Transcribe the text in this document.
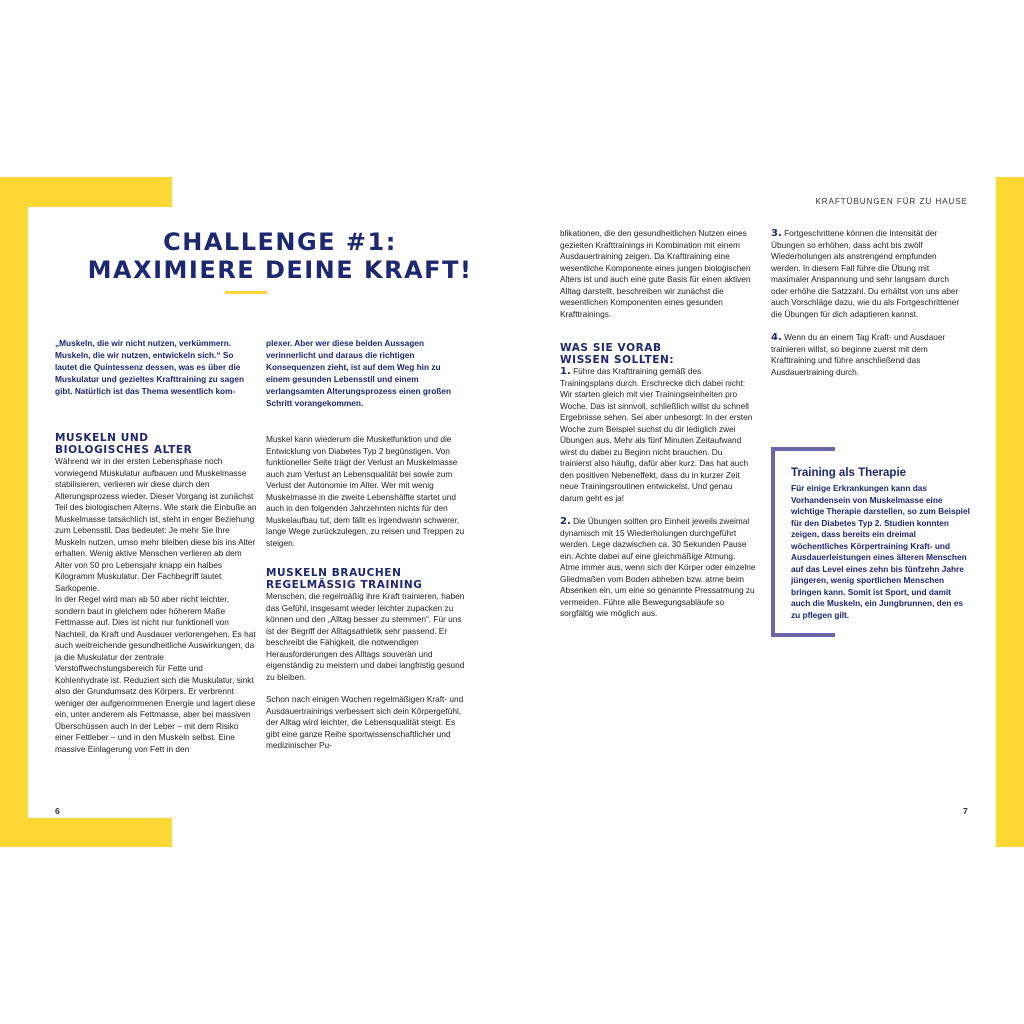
KRAFTÜBUNGEN FÜR ZU HAUSE
CHALLENGE #1:
MAXIMIERE DEINE KRAFT!
„Muskeln, die wir nicht nutzen, verkümmern. Muskeln, die wir nutzen, entwickeln sich.“ So lautet die Quintessenz dessen, was es über die Muskulatur und gezieltes Krafttraining zu sagen gibt. Natürlich ist das Thema wesentlich kom-
plexer. Aber wer diese beiden Aussagen verinnerlicht und daraus die richtigen Konsequenzen zieht, ist auf dem Weg hin zu einem gesunden Lebensstil und einem verlangsamten Alterungsprozess einen großen Schritt vorangekommen.
MUSKELN UND
BIOLOGISCHES ALTER

Während wir in der ersten Lebensphase noch vorwiegend Muskulatur aufbauen und Muskelmasse stabilisieren, verlieren wir diese durch den Alterungsprozess wieder. Dieser Vorgang ist zunächst Teil des biologischen Alterns. Wie stark die Einbuße an Muskelmasse tatsächlich ist, steht in enger Beziehung zum Lebensstil. Das bedeutet: Je mehr Sie Ihre Muskeln nutzen, umso mehr bleiben diese bis ins Alter erhalten. Wenig aktive Menschen verlieren ab dem Alter von 50 pro Lebensjahr knapp ein halbes Kilogramm Muskulatur. Der Fachbegriff lautet Sarkopenie.

In der Regel wird man ab 50 aber nicht leichter, sondern baut in gleichem oder höherem Maße Fettmasse auf. Dies ist nicht nur funktionell von Nachteil, da Kraft und Ausdauer verlorengehen. Es hat auch weitreichende gesundheitliche Auswirkungen, da ja die Muskulatur der zentrale Verstoffwechslungsbereich für Fette und Kohlenhydrate ist. Reduziert sich die Muskulatur, sinkt also der Grundumsatz des Körpers. Er verbrennt weniger der aufgenommenen Energie und lagert diese ein, unter anderem als Fettmasse, aber bei massiven Überschüssen auch in der Leber – mit dem Risiko einer Fettleber – und in den Muskeln selbst. Eine massive Einlagerung von Fett in den

Muskel kann wiederum die Muskelfunktion und die Entwicklung von Diabetes Typ 2 begünstigen. Von funktioneller Seite trägt der Verlust an Muskelmasse auch zum Verlust an Lebensqualität bei sowie zum Verlust der Autonomie im Alter. Wer mit wenig Muskelmasse in die zweite Lebenshälfte startet und auch in den folgenden Jahrzehnten nichts für den Muskelaufbau tut, dem fällt es irgendwann schwerer, lange Wege zurückzulegen, zu reisen und Treppen zu steigen.

MUSKELN BRAUCHEN
REGELMÄSSIG TRAINING

Menschen, die regelmäßig ihre Kraft trainieren, haben das Gefühl, insgesamt wieder leichter zupacken zu können und den „Alltag besser zu stemmen“. Für uns ist der Begriff der Alltagsathletik sehr passend. Er beschreibt die Fähigkeit, die notwendigen Herausforderungen des Alltags souverän und eigenständig zu meistern und dabei langfristig gesund zu bleiben.

Schon nach einigen Wochen regelmäßigen Kraft- und Ausdauertrainings verbessert sich dein Körpergefühl, der Alltag wird leichter, die Lebensqualität steigt. Es gibt eine ganze Reihe sportwissenschaftlicher und medizinischer Pu-

blikationen, die den gesundheitlichen Nutzen eines gezielten Krafttrainings in Kombination mit einem Ausdauertraining zeigen. Da Krafttraining eine wesentliche Komponente eines jungen biologischen Alters ist und auch eine gute Basis für einen aktiven Alltag darstellt, beschreiben wir zunächst die wesentlichen Komponenten eines gesunden Krafttrainings.

WAS SIE VORAB
WISSEN SOLLTEN:

1. Führe das Krafttraining gemäß des Trainingsplans durch. Erschrecke dich dabei nicht: Wir starten gleich mit vier Trainingseinheiten pro Woche. Das ist sinnvoll, schließlich willst du schnell Ergebnisse sehen. Sei aber unbesorgt: In der ersten Woche zum Beispiel suchst du dir lediglich zwei Übungen aus. Mehr als fünf Minuten Zeitaufwand wirst du dabei zu Beginn nicht brauchen. Du trainierst also häufig, dafür aber kurz. Das hat auch den positiven Nebeneffekt, dass du in kurzer Zeit neue Trainingsroutinen entwickelst. Und genau darum geht es ja!

2. Die Übungen sollten pro Einheit jeweils zweimal dynamisch mit 15 Wiederholungen durchgeführt werden. Lege dazwischen ca. 30 Sekunden Pause ein. Achte dabei auf eine gleichmäßige Atmung. Atme immer aus, wenn sich der Körper oder einzelne Gliedmaßen vom Boden abheben bzw. atme beim Absenken ein, um eine so genannte Pressatmung zu vermeiden. Führe alle Bewegungsabläufe so sorgfältig wie möglich aus.

3. Fortgeschrittene können die Intensität der Übungen so erhöhen, dass acht bis zwölf Wiederholungen als anstrengend empfunden werden. In diesem Fall führe die Übung mit maximaler Anspannung und sehr langsam durch oder erhöhe die Satzzahl. Du erhältst von uns aber auch Vorschläge dazu, wie du als Fortgeschrittener die Übungen für dich adaptieren kannst.

4. Wenn du an einem Tag Kraft- und Ausdauer trainieren willst, so beginne zuerst mit dem Krafttraining und führe anschließend das Ausdauertraining durch.

Training als Therapie
Für einige Erkrankungen kann das Vorhandensein von Muskelmasse eine wichtige Therapie darstellen, so zum Beispiel für den Diabetes Typ 2. Studien konnten zeigen, dass bereits ein dreimal wöchentliches Körpertraining Kraft- und Ausdauerleistungen eines älteren Menschen auf das Level eines zehn bis fünfzehn Jahre jüngeren, wenig sportlichen Menschen bringen kann. Somit ist Sport, und damit auch die Muskeln, ein Jungbrunnen, den es zu pflegen gilt.
6	7
